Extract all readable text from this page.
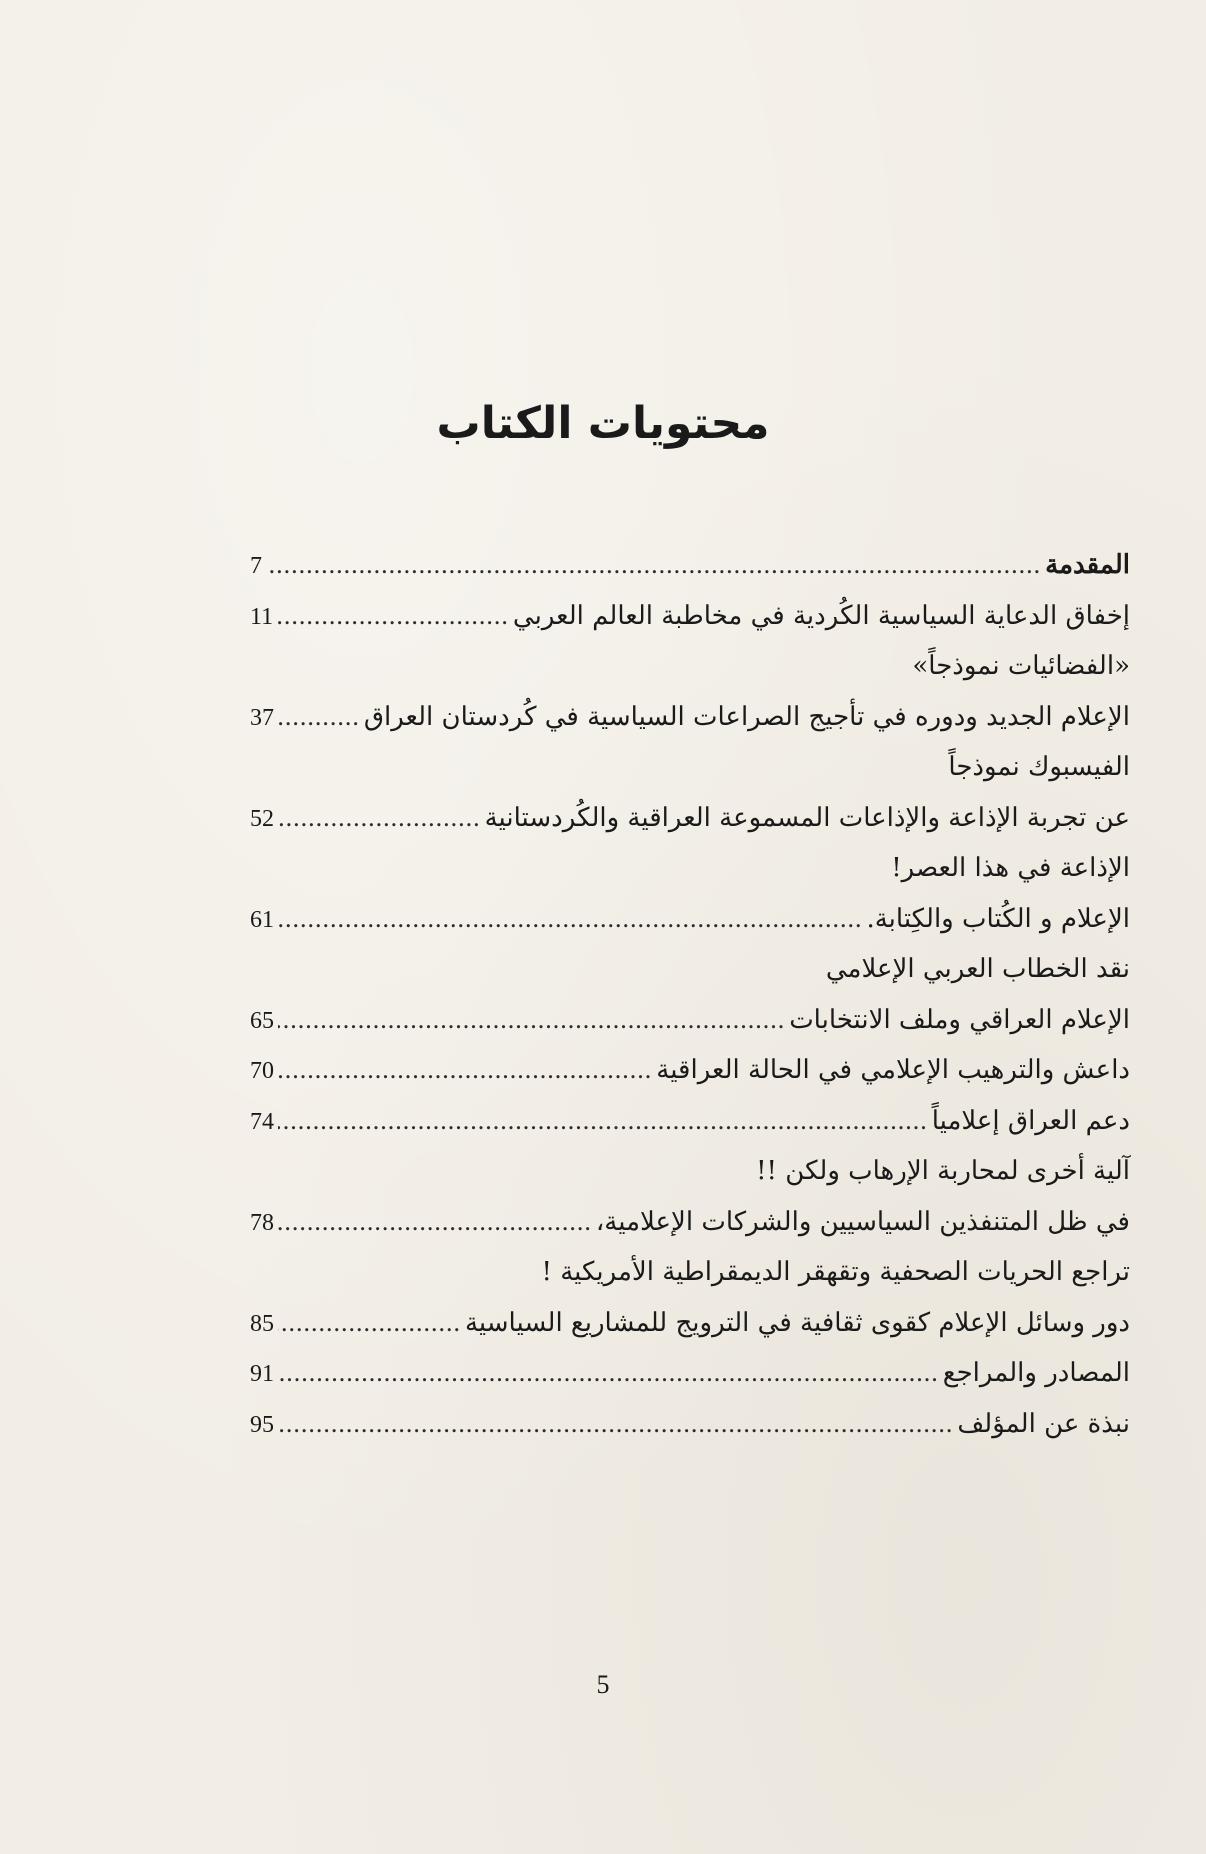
محتويات الكتاب
المقدمة
.....
7
إخفاق الدعاية السياسية الكُردية في مخاطبة العالم العربي
.....
11
«الفضائيات نموذجاً»
الإعلام الجديد ودوره في تأجيج الصراعات السياسية في كُردستان العراق
.....
37
الفيسبوك نموذجاً
عن تجربة الإذاعة والإذاعات المسموعة العراقية والكُردستانية
.....
52
الإذاعة في هذا العصر!
الإعلام و الكُتاب والكِتابة.
.....
61
نقد الخطاب العربي الإعلامي
الإعلام العراقي وملف الانتخابات
.....
65
داعش والترهيب الإعلامي في الحالة العراقية
.....
70
دعم العراق إعلامياً
.....
74
آلية أخرى لمحاربة الإرهاب ولكن !!
في ظل المتنفذين السياسيين والشركات الإعلامية،
.....
78
تراجع الحريات الصحفية وتقهقر الديمقراطية الأمريكية !
دور وسائل الإعلام كقوى ثقافية في الترويج للمشاريع السياسية
.....
85
المصادر والمراجع
.....
91
نبذة عن المؤلف
.....
95
5
